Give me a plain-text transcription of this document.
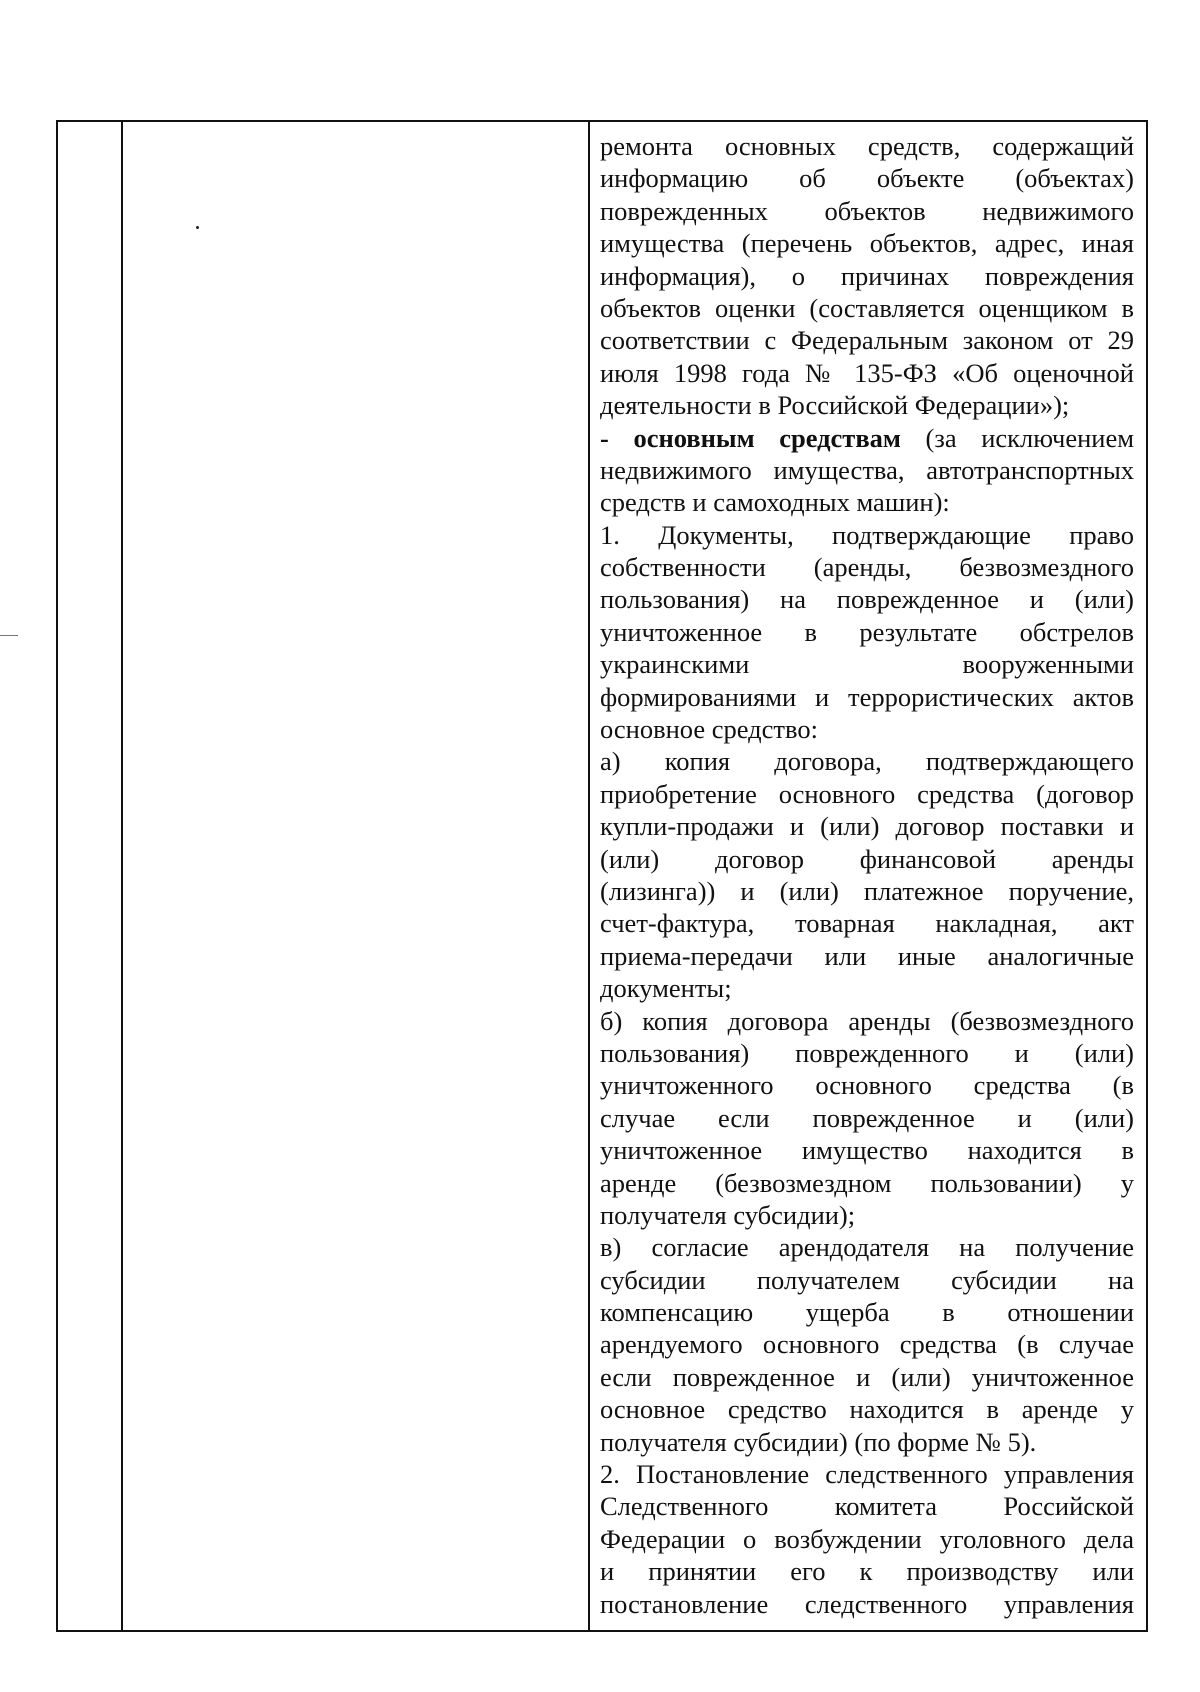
ремонта основных средств, содержащий
информацию об объекте (объектах)
поврежденных объектов недвижимого
имущества (перечень объектов, адрес, иная
информация), о причинах повреждения
объектов оценки (составляется оценщиком в
соответствии с Федеральным законом от 29
июля 1998 года № 135-ФЗ «Об оценочной
деятельности в Российской Федерации»);
- основным средствам (за исключением
недвижимого имущества, автотранспортных
средств и самоходных машин):
1. Документы, подтверждающие право
собственности (аренды, безвозмездного
пользования) на поврежденное и (или)
уничтоженное в результате обстрелов
украинскими вооруженными
формированиями и террористических актов
основное средство:
а) копия договора, подтверждающего
приобретение основного средства (договор
купли-продажи и (или) договор поставки и
(или) договор финансовой аренды
(лизинга)) и (или) платежное поручение,
счет-фактура, товарная накладная, акт
приема-передачи или иные аналогичные
документы;
б) копия договора аренды (безвозмездного
пользования) поврежденного и (или)
уничтоженного основного средства (в
случае если поврежденное и (или)
уничтоженное имущество находится в
аренде (безвозмездном пользовании) у
получателя субсидии);
в) согласие арендодателя на получение
субсидии получателем субсидии на
компенсацию ущерба в отношении
арендуемого основного средства (в случае
если поврежденное и (или) уничтоженное
основное средство находится в аренде у
получателя субсидии) (по форме № 5).
2. Постановление следственного управления
Следственного комитета Российской
Федерации о возбуждении уголовного дела
и принятии его к производству или
постановление следственного управления
